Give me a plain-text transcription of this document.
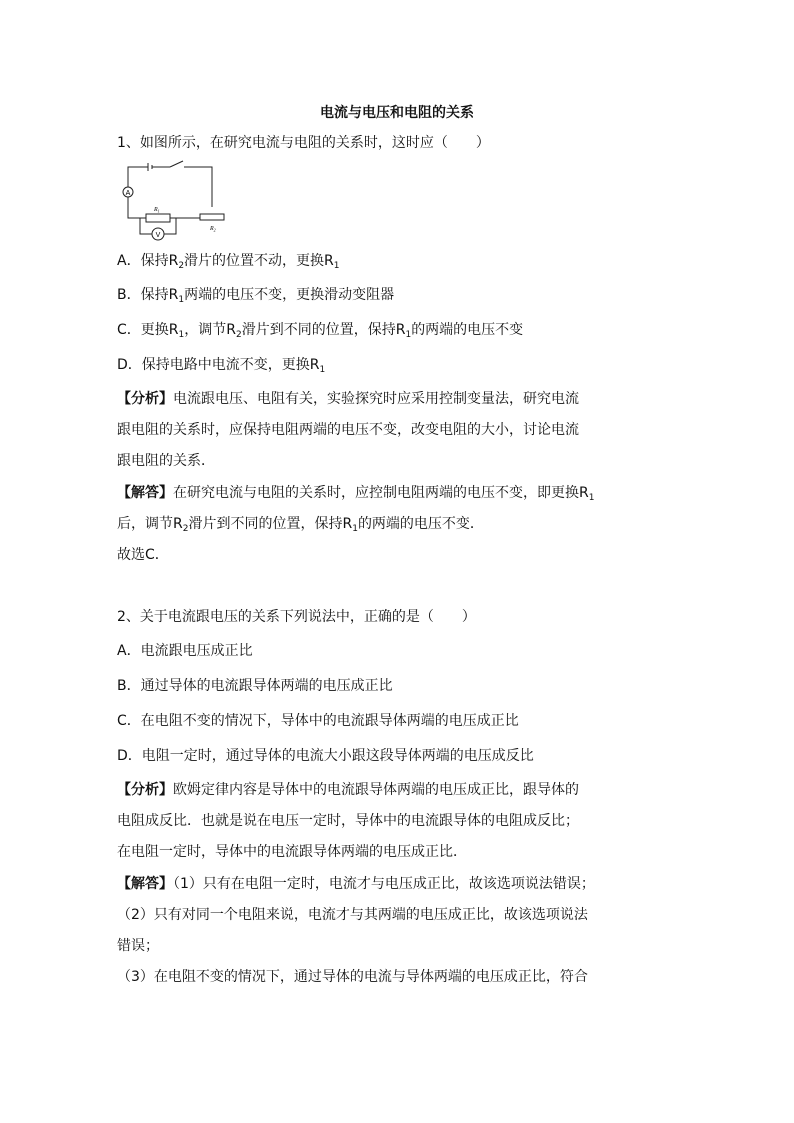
电流与电压和电阻的关系
1、如图所示，在研究电流与电阻的关系时，这时应（　　）
A
V
$R_1$
$R_2$
A．保持$R_2$滑片的位置不动，更换$R_1$
B．保持$R_1$两端的电压不变，更换滑动变阻器
C．更换$R_1$，调节$R_2$滑片到不同的位置，保持$R_1$的两端的电压不变
D．保持电路中电流不变，更换$R_1$
【分析】电流跟电压、电阻有关，实验探究时应采用控制变量法，研究电流
跟电阻的关系时，应保持电阻两端的电压不变，改变电阻的大小，讨论电流
跟电阻的关系．
【解答】在研究电流与电阻的关系时，应控制电阻两端的电压不变，即更换$R_1$
后，调节$R_2$滑片到不同的位置，保持$R_1$的两端的电压不变．
故选C．
2、关于电流跟电压的关系下列说法中，正确的是（　　）
A．电流跟电压成正比
B．通过导体的电流跟导体两端的电压成正比
C．在电阻不变的情况下，导体中的电流跟导体两端的电压成正比
D．电阻一定时，通过导体的电流大小跟这段导体两端的电压成反比
【分析】欧姆定律内容是导体中的电流跟导体两端的电压成正比，跟导体的
电阻成反比．也就是说在电压一定时，导体中的电流跟导体的电阻成反比；
在电阻一定时，导体中的电流跟导体两端的电压成正比．
【解答】（1）只有在电阻一定时，电流才与电压成正比，故该选项说法错误；
（2）只有对同一个电阻来说，电流才与其两端的电压成正比，故该选项说法
错误；
（3）在电阻不变的情况下，通过导体的电流与导体两端的电压成正比，符合
